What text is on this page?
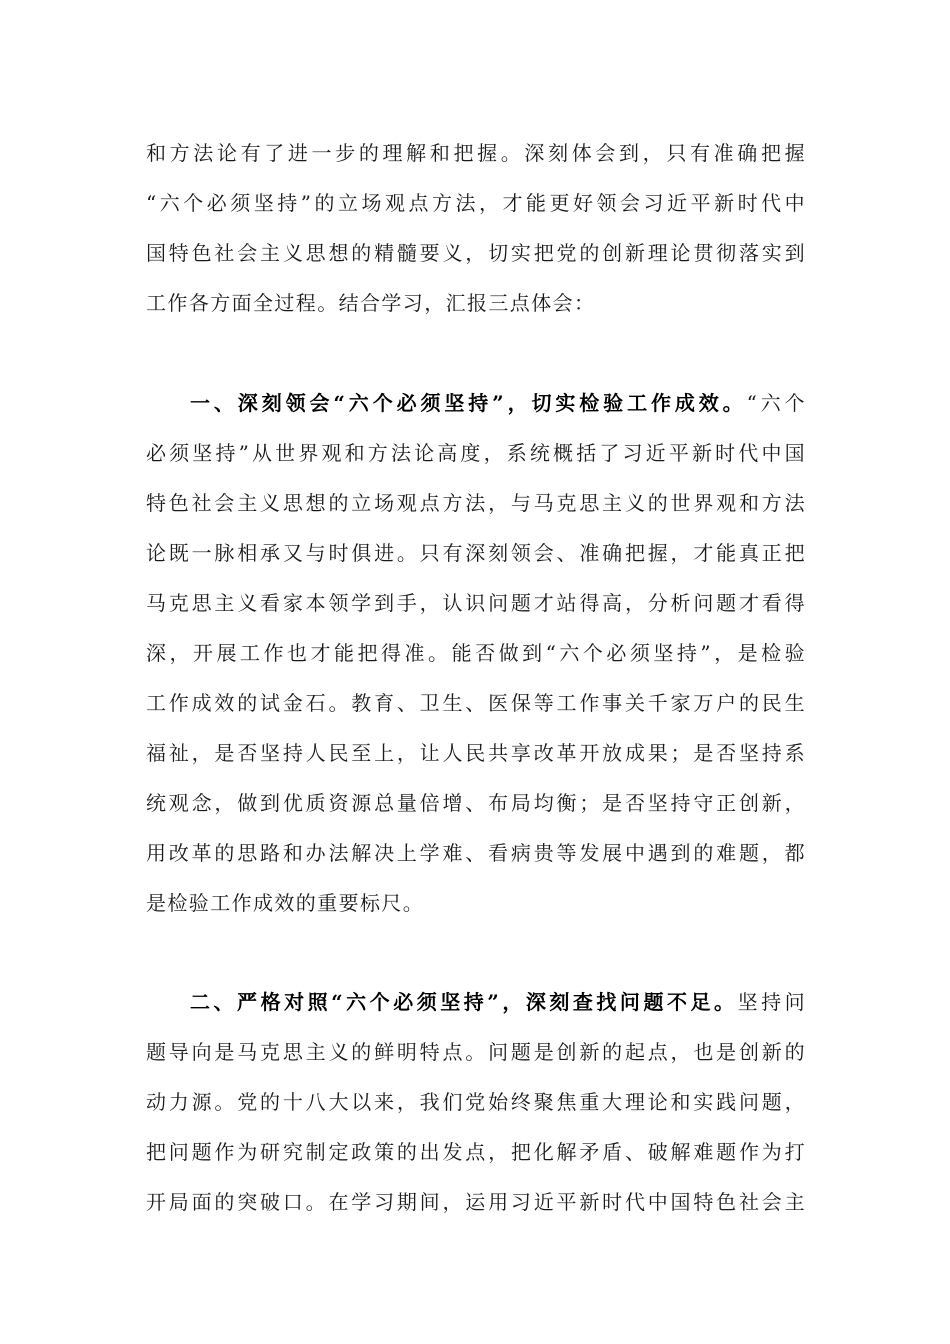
和方法论有了进一步的理解和把握。深刻体会到，只有准确把握
“六个必须坚持”的立场观点方法，才能更好领会习近平新时代中
国特色社会主义思想的精髓要义，切实把党的创新理论贯彻落实到
工作各方面全过程。结合学习，汇报三点体会：
一、深刻领会“六个必须坚持”，切实检验工作成效。“六个
必须坚持”从世界观和方法论高度，系统概括了习近平新时代中国
特色社会主义思想的立场观点方法，与马克思主义的世界观和方法
论既一脉相承又与时俱进。只有深刻领会、准确把握，才能真正把
马克思主义看家本领学到手，认识问题才站得高，分析问题才看得
深，开展工作也才能把得准。能否做到“六个必须坚持”，是检验
工作成效的试金石。教育、卫生、医保等工作事关千家万户的民生
福祉，是否坚持人民至上，让人民共享改革开放成果；是否坚持系
统观念，做到优质资源总量倍增、布局均衡；是否坚持守正创新，
用改革的思路和办法解决上学难、看病贵等发展中遇到的难题，都
是检验工作成效的重要标尺。
二、严格对照“六个必须坚持”，深刻查找问题不足。坚持问
题导向是马克思主义的鲜明特点。问题是创新的起点，也是创新的
动力源。党的十八大以来，我们党始终聚焦重大理论和实践问题，
把问题作为研究制定政策的出发点，把化解矛盾、破解难题作为打
开局面的突破口。在学习期间，运用习近平新时代中国特色社会主
